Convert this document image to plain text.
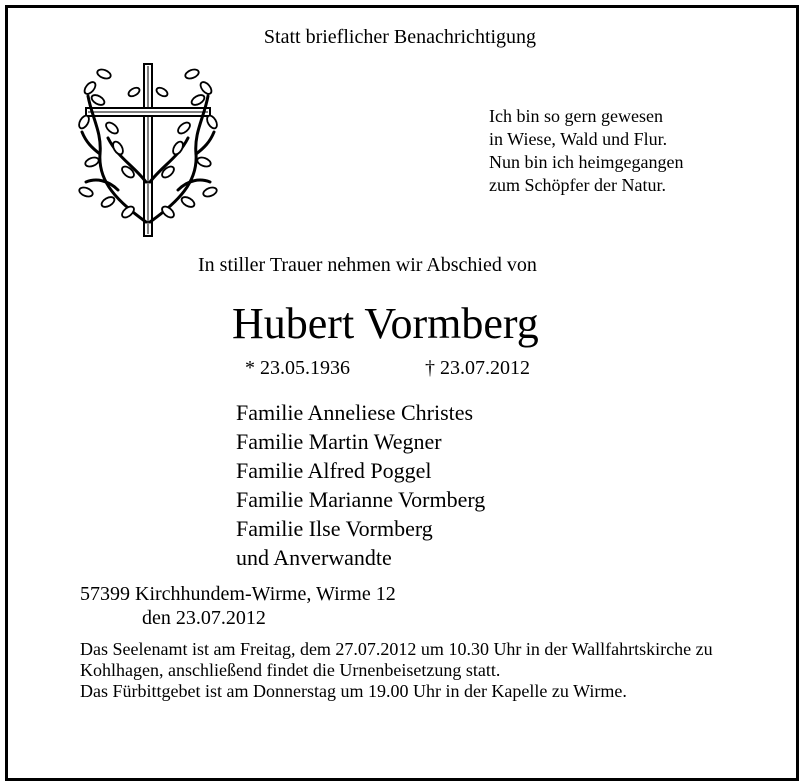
Statt brieflicher Benachrichtigung
Ich bin so gern gewesen
in Wiese, Wald und Flur.
Nun bin ich heimgegangen
zum Schöpfer der Natur.
In stiller Trauer nehmen wir Abschied von
Hubert Vormberg
* 23.05.1936	† 23.07.2012
Familie Anneliese Christes
Familie Martin Wegner
Familie Alfred Poggel
Familie Marianne Vormberg
Familie Ilse Vormberg
und Anverwandte
57399 Kirchhundem-Wirme, Wirme 12
den 23.07.2012

Das Seelenamt ist am Freitag, dem 27.07.2012 um 10.30 Uhr in der Wallfahrtskirche zu Kohlhagen, anschließend findet die Urnenbeisetzung statt.

Das Fürbittgebet ist am Donnerstag um 19.00 Uhr in der Kapelle zu Wirme.
